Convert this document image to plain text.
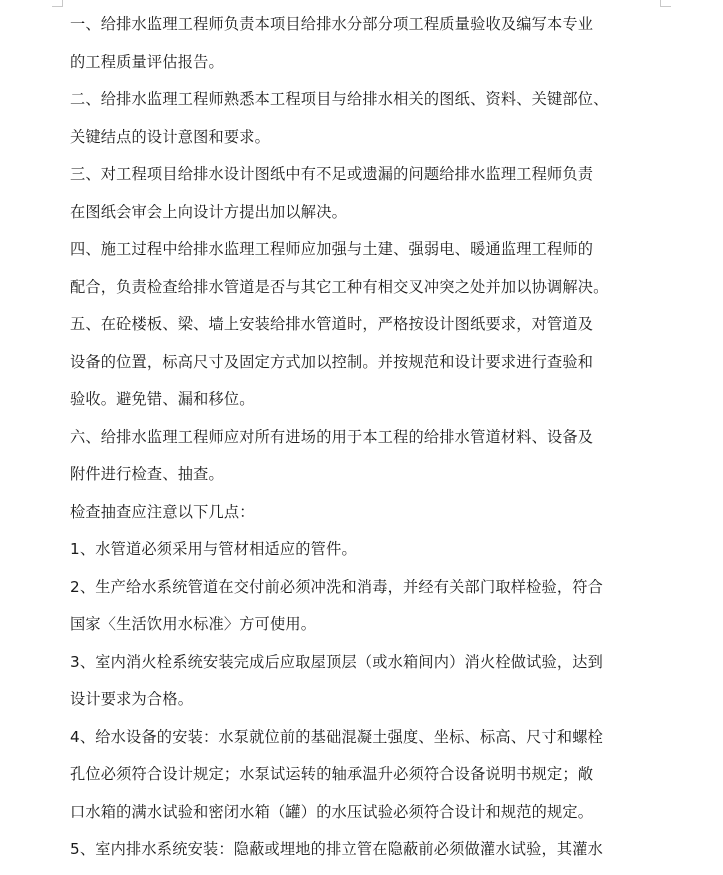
一、给排水监理工程师负责本项目给排水分部分项工程质量验收及编写本专业
的工程质量评估报告。
二、给排水监理工程师熟悉本工程项目与给排水相关的图纸、资料、关键部位、
关键结点的设计意图和要求。
三、对工程项目给排水设计图纸中有不足或遗漏的问题给排水监理工程师负责
在图纸会审会上向设计方提出加以解决。
四、施工过程中给排水监理工程师应加强与土建、强弱电、暖通监理工程师的
配合，负责检查给排水管道是否与其它工种有相交叉冲突之处并加以协调解决。
五、在砼楼板、梁、墙上安装给排水管道时，严格按设计图纸要求，对管道及
设备的位置，标高尺寸及固定方式加以控制。并按规范和设计要求进行查验和
验收。避免错、漏和移位。
六、给排水监理工程师应对所有进场的用于本工程的给排水管道材料、设备及
附件进行检查、抽查。
检查抽查应注意以下几点：
1、水管道必须采用与管材相适应的管件。
2、生产给水系统管道在交付前必须冲洗和消毒，并经有关部门取样检验，符合
国家〈生活饮用水标准〉方可使用。
3、室内消火栓系统安装完成后应取屋顶层（或水箱间内）消火栓做试验，达到
设计要求为合格。
4、给水设备的安装：水泵就位前的基础混凝土强度、坐标、标高、尺寸和螺栓
孔位必须符合设计规定；水泵试运转的轴承温升必须符合设备说明书规定；敞
口水箱的满水试验和密闭水箱（罐）的水压试验必须符合设计和规范的规定。
5、室内排水系统安装：隐蔽或埋地的排立管在隐蔽前必须做灌水试验，其灌水
